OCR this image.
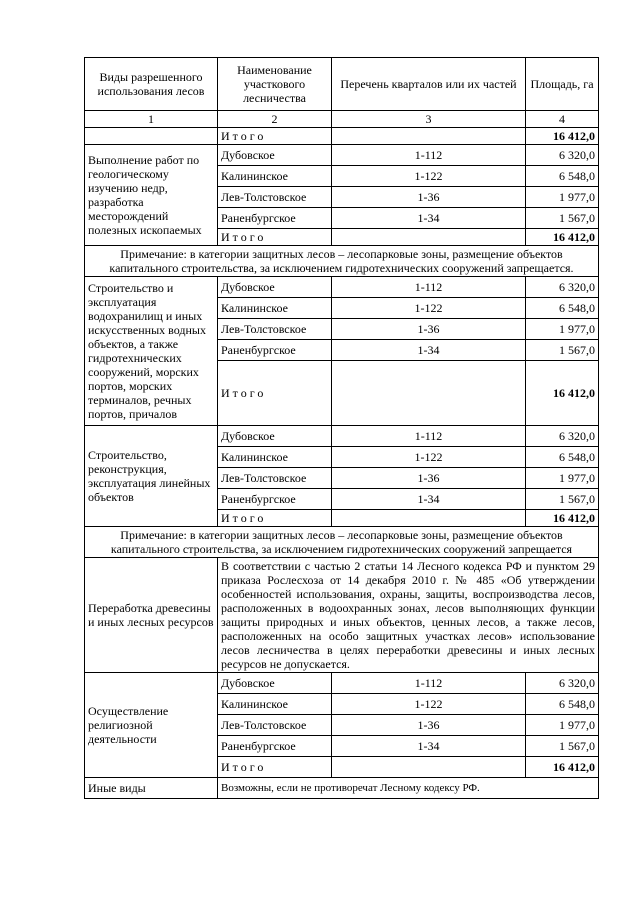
Виды разрешенного использования лесов	Наименование участкового лесничества	Перечень кварталов или их частей	Площадь, га
1	2	3	4
	Итого		16 412,0
Выполнение работ по геологическому изучению недр, разработка месторождений полезных ископаемых	Дубовское	1-112	6 320,0
	Калининское	1-122	6 548,0
	Лев-Толстовское	1-36	1 977,0
	Раненбургское	1-34	1 567,0
	Итого		16 412,0
Примечание: в категории защитных лесов – лесопарковые зоны, размещение объектов капитального строительства, за исключением гидротехнических сооружений запрещается.			
Строительство и эксплуатация водохранилищ и иных искусственных водных объектов, а также гидротехнических сооружений, морских портов, морских терминалов, речных портов, причалов	Дубовское	1-112	6 320,0
	Калининское	1-122	6 548,0
	Лев-Толстовское	1-36	1 977,0
	Раненбургское	1-34	1 567,0
	Итого		16 412,0
Строительство, реконструкция, эксплуатация линейных объектов	Дубовское	1-112	6 320,0
	Калининское	1-122	6 548,0
	Лев-Толстовское	1-36	1 977,0
	Раненбургское	1-34	1 567,0
	Итого		16 412,0
Примечание: в категории защитных лесов – лесопарковые зоны, размещение объектов капитального строительства, за исключением гидротехнических сооружений запрещается			
Переработка древесины и иных лесных ресурсов	В соответствии с частью 2 статьи 14 Лесного кодекса РФ и пунктом 29 приказа Рослесхоза от 14 декабря 2010 г. № 485 «Об утверждении особенностей использования, охраны, защиты, воспроизводства лесов, расположенных в водоохранных зонах, лесов выполняющих функции защиты природных и иных объектов, ценных лесов, а также лесов, расположенных на особо защитных участках лесов» использование лесов лесничества в целях переработки древесины и иных лесных ресурсов не допускается.		
Осуществление религиозной деятельности	Дубовское	1-112	6 320,0
	Калининское	1-122	6 548,0
	Лев-Толстовское	1-36	1 977,0
	Раненбургское	1-34	1 567,0
	Итого		16 412,0
Иные виды	Возможны, если не противоречат Лесному кодексу РФ.		
